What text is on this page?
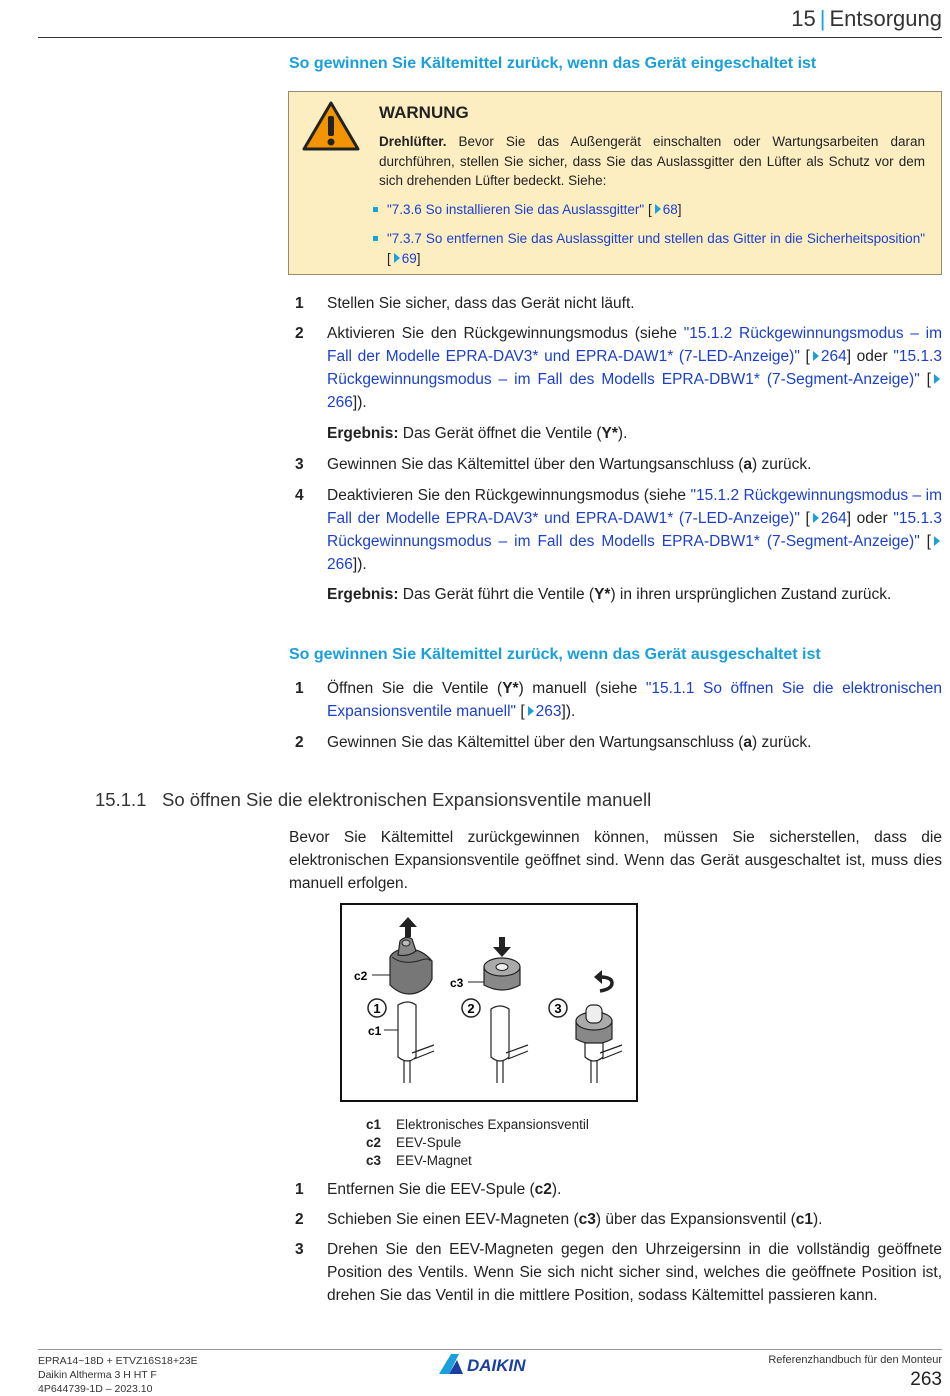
15 | Entsorgung
So gewinnen Sie Kältemittel zurück, wenn das Gerät eingeschaltet ist
WARNUNG
Drehlüfter. Bevor Sie das Außengerät einschalten oder Wartungsarbeiten daran durchführen, stellen Sie sicher, dass Sie das Auslassgitter den Lüfter als Schutz vor dem sich drehenden Lüfter bedeckt. Siehe:
"7.3.6 So installieren Sie das Auslassgitter" [ 68]
"7.3.7 So entfernen Sie das Auslassgitter und stellen das Gitter in die Sicherheitsposition" [ 69]
1 Stellen Sie sicher, dass das Gerät nicht läuft.
2 Aktivieren Sie den Rückgewinnungsmodus (siehe "15.1.2 Rückgewinnungsmodus – im Fall der Modelle EPRA-DAV3* und EPRA-DAW1* (7-LED-Anzeige)" [ 264] oder "15.1.3 Rückgewinnungsmodus – im Fall des Modells EPRA-DBW1* (7-Segment-Anzeige)" [266]).
Ergebnis: Das Gerät öffnet die Ventile (Y*).
3 Gewinnen Sie das Kältemittel über den Wartungsanschluss (a) zurück.
4 Deaktivieren Sie den Rückgewinnungsmodus (siehe "15.1.2 Rückgewinnungsmodus – im Fall der Modelle EPRA-DAV3* und EPRA-DAW1* (7-LED-Anzeige)" [ 264] oder "15.1.3 Rückgewinnungsmodus – im Fall des Modells EPRA-DBW1* (7-Segment-Anzeige)" [266]).
Ergebnis: Das Gerät führt die Ventile (Y*) in ihren ursprünglichen Zustand zurück.
So gewinnen Sie Kältemittel zurück, wenn das Gerät ausgeschaltet ist
1 Öffnen Sie die Ventile (Y*) manuell (siehe "15.1.1 So öffnen Sie die elektronischen Expansionsventile manuell" [ 263]).
2 Gewinnen Sie das Kältemittel über den Wartungsanschluss (a) zurück.
15.1.1 So öffnen Sie die elektronischen Expansionsventile manuell
Bevor Sie Kältemittel zurückgewinnen können, müssen Sie sicherstellen, dass die elektronischen Expansionsventile geöffnet sind. Wenn das Gerät ausgeschaltet ist, muss dies manuell erfolgen.
1	2	3
c2	c3
c1
c1 Elektronisches Expansionsventil
c2 EEV-Spule
c3 EEV-Magnet
1 Entfernen Sie die EEV-Spule (c2).
2 Schieben Sie einen EEV-Magneten (c3) über das Expansionsventil (c1).
3 Drehen Sie den EEV-Magneten gegen den Uhrzeigersinn in die vollständig geöffnete Position des Ventils. Wenn Sie sich nicht sicher sind, welches die geöffnete Position ist, drehen Sie das Ventil in die mittlere Position, sodass Kältemittel passieren kann.
EPRA14~18D + ETVZ16S18+23E
Daikin Altherma 3 H HT F
4P644739-1D – 2023.10
DAIKIN	Referenzhandbuch für den Monteur
263
